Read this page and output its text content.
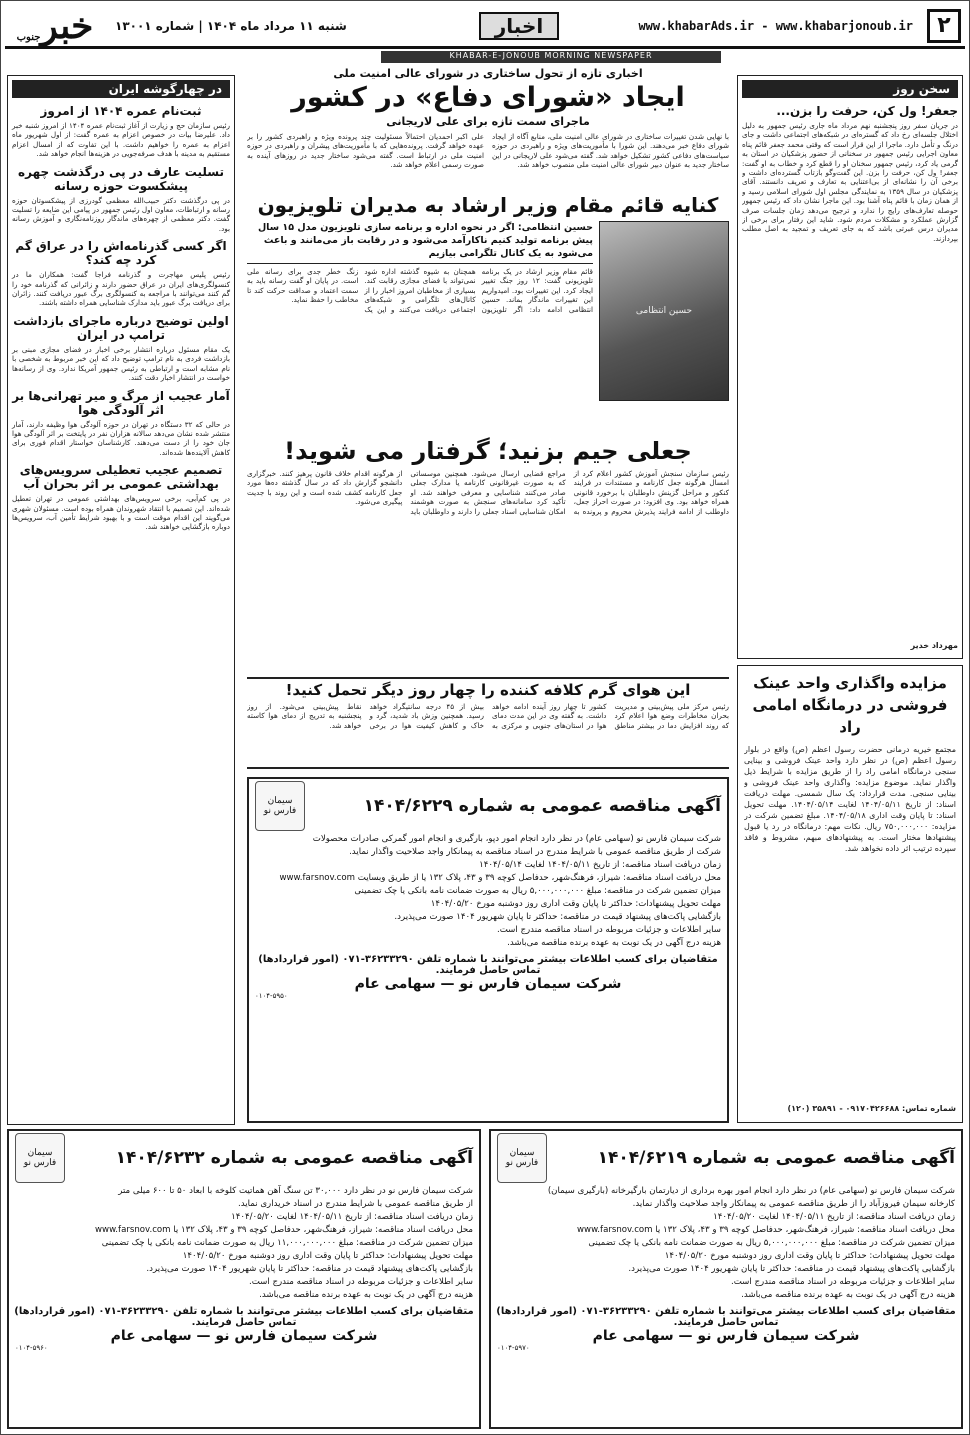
۲
www.khabarAds.ir - www.khabarjonoub.ir
اخبار
شنبه ۱۱ مرداد ماه ۱۴۰۴ | شماره ۱۳۰۰۱
خبر
جنوب
KHABAR-E-JONOUB MORNING NEWSPAPER
سخن روز
جعفر! ول کن، حرفت را بزن...
در جریان سفر روز پنجشنبه نهم مرداد ماه جاری رئیس جمهور به دلیل اختلال جلسه‌ای رخ داد که گستره‌ای در شبکه‌های اجتماعی داشت و جای درنگ و تأمل دارد. ماجرا از این قرار است که وقتی محمد جعفر قائم پناه معاون اجرایی رئیس جمهور در سخنانی از حضور پزشکیان در استان به گرمی یاد کرد، رئیس جمهور سخنان او را قطع کرد و خطاب به او گفت: جعفر! ول کن، حرفت را بزن. این گفت‌وگو بازتاب گسترده‌ای داشت و برخی آن را نشانه‌ای از بی‌اعتنایی به تعارف و تعریف دانستند. آقای پزشکیان در سال ۱۳۵۹ به نمایندگی مجلس اول شورای اسلامی رسید و از همان زمان با قائم پناه آشنا بود. این ماجرا نشان داد که رئیس جمهور حوصله تعارف‌های رایج را ندارد و ترجیح می‌دهد زمان جلسات صرف گزارش عملکرد و مشکلات مردم شود. شاید این رفتار برای برخی از مدیران درس عبرتی باشد که به جای تعریف و تمجید به اصل مطلب بپردازند.
مهرداد خدیر
مزایده واگذاری واحد عینک فروشی در درمانگاه امامی راد
مجتمع خیریه درمانی حضرت رسول اعظم (ص) واقع در بلوار رسول اعظم (ص) در نظر دارد واحد عینک فروشی و بینایی سنجی درمانگاه امامی راد را از طریق مزایده با شرایط ذیل واگذار نماید. موضوع مزایده: واگذاری واحد عینک فروشی و بینایی سنجی. مدت قرارداد: یک سال شمسی. مهلت دریافت اسناد: از تاریخ ۱۴۰۴/۰۵/۱۱ لغایت ۱۴۰۴/۰۵/۱۴. مهلت تحویل اسناد: تا پایان وقت اداری ۱۴۰۴/۰۵/۱۸. مبلغ تضمین شرکت در مزایده: ۷۵۰,۰۰۰,۰۰۰ ریال. نکات مهم: درمانگاه در رد یا قبول پیشنهادها مختار است. به پیشنهادهای مبهم، مشروط و فاقد سپرده ترتیب اثر داده نخواهد شد.
شماره تماس: ۰۹۱۷۰۴۲۶۶۸۸ - ۳۵۸۹۱ (۱۲۰)
اخباری تازه از تحول ساختاری در شورای عالی امنیت ملی
ایجاد «شورای دفاع» در کشور
ماجرای سمت تازه برای علی لاریجانی
با نهایی شدن تغییرات ساختاری در شورای عالی امنیت ملی، منابع آگاه از ایجاد شورای دفاع خبر می‌دهند. این شورا با مأموریت‌های ویژه و راهبردی در حوزه سیاست‌های دفاعی کشور تشکیل خواهد شد. گفته می‌شود علی لاریجانی در این ساختار جدید به عنوان دبیر شورای عالی امنیت ملی منصوب خواهد شد.
علی اکبر احمدیان احتمالاً مسئولیت چند پرونده ویژه و راهبردی کشور را بر عهده خواهد گرفت. پرونده‌هایی که با مأموریت‌های پیشران و راهبردی در حوزه امنیت ملی در ارتباط است. گفته می‌شود ساختار جدید در روزهای آینده به صورت رسمی اعلام خواهد شد.
کنایه قائم مقام وزیر ارشاد به مدیران تلویزیون
حسین انتظامی
حسین انتظامی: اگر در نحوه اداره و برنامه سازی تلویزیون مدل ۱۵ سال پیش برنامه تولید کنیم ناکارآمد می‌شود و در رقابت باز می‌مانند و باعث می‌شود به یک کانال تلگرامی بیازیم
قائم مقام وزیر ارشاد در یک برنامه تلویزیونی گفت: ۱۲ روز جنگ تغییر ایجاد کرد. این تغییرات بود. امیدواریم این تغییرات ماندگار بماند. حسین انتظامی ادامه داد: اگر تلویزیون همچنان به شیوه گذشته اداره شود نمی‌تواند با فضای مجازی رقابت کند. بسیاری از مخاطبان امروز اخبار را از کانال‌های تلگرامی و شبکه‌های اجتماعی دریافت می‌کنند و این یک زنگ خطر جدی برای رسانه ملی است. در پایان او گفت رسانه باید به سمت اعتماد و صداقت حرکت کند تا مخاطب را حفظ نماید.
جعلی جیم بزنید؛ گرفتار می شوید!
رئیس سازمان سنجش آموزش کشور اعلام کرد از امسال هرگونه جعل کارنامه و مستندات در فرایند کنکور و مراحل گزینش داوطلبان با برخورد قانونی همراه خواهد بود. وی افزود: در صورت احراز جعل، داوطلب از ادامه فرایند پذیرش محروم و پرونده به مراجع قضایی ارسال می‌شود. همچنین موسساتی که به صورت غیرقانونی کارنامه یا مدارک جعلی صادر می‌کنند شناسایی و معرفی خواهند شد. او تأکید کرد سامانه‌های سنجش به صورت هوشمند امکان شناسایی اسناد جعلی را دارند و داوطلبان باید از هرگونه اقدام خلاف قانون پرهیز کنند. خبرگزاری دانشجو گزارش داد که در سال گذشته ده‌ها مورد جعل کارنامه کشف شده است و این روند با جدیت پیگیری می‌شود.
این هوای گرم کلافه کننده را چهار روز دیگر تحمل کنید!
رئیس مرکز ملی پیش‌بینی و مدیریت بحران مخاطرات وضع هوا اعلام کرد که روند افزایش دما در بیشتر مناطق کشور تا چهار روز آینده ادامه خواهد داشت. به گفته وی در این مدت دمای هوا در استان‌های جنوبی و مرکزی به بیش از ۴۵ درجه سانتیگراد خواهد رسید. همچنین وزش باد شدید، گرد و خاک و کاهش کیفیت هوا در برخی نقاط پیش‌بینی می‌شود. از روز پنجشنبه به تدریج از دمای هوا کاسته خواهد شد.
آگهی مناقصه عمومی به شماره ۱۴۰۴/۶۲۲۹
سیمان فارس نو
شرکت سیمان فارس نو (سهامی عام) در نظر دارد انجام امور دپو، بارگیری و انجام امور گمرکی صادرات محصولات
شرکت از طریق مناقصه عمومی با شرایط مندرج در اسناد مناقصه به پیمانکار واجد صلاحیت واگذار نماید.
زمان دریافت اسناد مناقصه: از تاریخ ۱۴۰۴/۰۵/۱۱ لغایت ۱۴۰۴/۰۵/۱۴
محل دریافت اسناد مناقصه: شیراز، فرهنگ‌شهر، حدفاصل کوچه ۳۹ و ۴۳، پلاک ۱۳۲ یا از طریق وبسایت www.farsnov.com
میزان تضمین شرکت در مناقصه: مبلغ ۵,۰۰۰,۰۰۰,۰۰۰ ریال به صورت ضمانت نامه بانکی یا چک تضمینی
مهلت تحویل پیشنهادات: حداکثر تا پایان وقت اداری روز دوشنبه مورخ ۱۴۰۴/۰۵/۲۰
بازگشایی پاکت‌های پیشنهاد قیمت در مناقصه: حداکثر تا پایان شهریور ۱۴۰۴ صورت می‌پذیرد.
سایر اطلاعات و جزئیات مربوطه در اسناد مناقصه مندرج است.
هزینه درج آگهی در یک نوبت به عهده برنده مناقصه می‌باشد.
متقاضیان برای کسب اطلاعات بیشتر می‌توانند با شماره تلفن ۳۶۲۳۳۲۹۰-۰۷۱ (امور قراردادها) تماس حاصل فرمایند.
شرکت سیمان فارس نو — سهامی عام
۰۱۰۴-۵۹۵۰
در چهارگوشه ایران
ثبت‌نام عمره ۱۴۰۴ از امروز
رئیس سازمان حج و زیارت از آغاز ثبت‌نام عمره ۱۴۰۴ از امروز شنبه خبر داد. علیرضا بیات در خصوص اعزام به عمره گفت: از اول شهریور ماه اعزام به عمره را خواهیم داشت. با این تفاوت که از امسال اعزام مستقیم به مدینه با هدف صرفه‌جویی در هزینه‌ها انجام خواهد شد.
تسلیت عارف در پی درگذشت چهره پیشکسوت حوزه رسانه
در پی درگذشت دکتر حبیب‌الله معظمی گودرزی از پیشکسوتان حوزه رسانه و ارتباطات، معاون اول رئیس جمهور در پیامی این ضایعه را تسلیت گفت. دکتر معظمی از چهره‌های ماندگار روزنامه‌نگاری و آموزش رسانه بود.
اگر کسی گذرنامه‌اش را در عراق گم کرد چه کند؟
رئیس پلیس مهاجرت و گذرنامه فراجا گفت: همکاران ما در کنسولگری‌های ایران در عراق حضور دارند و زائرانی که گذرنامه خود را گم کنند می‌توانند با مراجعه به کنسولگری برگ عبور دریافت کنند. زائران برای دریافت برگ عبور باید مدارک شناسایی همراه داشته باشند.
اولین توضیح درباره ماجرای بازداشت ترامپ در ایران
یک مقام مسئول درباره انتشار برخی اخبار در فضای مجازی مبنی بر بازداشت فردی به نام ترامپ توضیح داد که این خبر مربوط به شخصی با نام مشابه است و ارتباطی به رئیس جمهور آمریکا ندارد. وی از رسانه‌ها خواست در انتشار اخبار دقت کنند.
آمار عجیب از مرگ و میر تهرانی‌ها بر اثر آلودگی هوا
در حالی که ۳۲ دستگاه در تهران در حوزه آلودگی هوا وظیفه دارند، آمار منتشر شده نشان می‌دهد سالانه هزاران نفر در پایتخت بر اثر آلودگی هوا جان خود را از دست می‌دهند. کارشناسان خواستار اقدام فوری برای کاهش آلاینده‌ها شده‌اند.
تصمیم عجیب تعطیلی سرویس‌های بهداشتی عمومی بر اثر بحران آب
در پی کم‌آبی، برخی سرویس‌های بهداشتی عمومی در تهران تعطیل شده‌اند. این تصمیم با انتقاد شهروندان همراه بوده است. مسئولان شهری می‌گویند این اقدام موقت است و با بهبود شرایط تأمین آب، سرویس‌ها دوباره بازگشایی خواهند شد.
آگهی مناقصه عمومی به شماره ۱۴۰۴/۶۲۱۹
سیمان فارس نو
شرکت سیمان فارس نو (سهامی عام) در نظر دارد انجام امور بهره برداری از دیارتمان بارگیرخانه (بارگیری سیمان)
کارخانه سیمان فیروزآباد را از طریق مناقصه عمومی به پیمانکار واجد صلاحیت واگذار نماید.
زمان دریافت اسناد مناقصه: از تاریخ ۱۴۰۴/۰۵/۱۱ لغایت ۱۴۰۴/۰۵/۲۰
محل دریافت اسناد مناقصه: شیراز، فرهنگ‌شهر، حدفاصل کوچه ۳۹ و ۴۳، پلاک ۱۳۲ یا www.farsnov.com
میزان تضمین شرکت در مناقصه: مبلغ ۵,۰۰۰,۰۰۰,۰۰۰ ریال به صورت ضمانت نامه بانکی یا چک تضمینی
مهلت تحویل پیشنهادات: حداکثر تا پایان وقت اداری روز دوشنبه مورخ ۱۴۰۴/۰۵/۲۰
بازگشایی پاکت‌های پیشنهاد قیمت در مناقصه: حداکثر تا پایان شهریور ۱۴۰۴ صورت می‌پذیرد.
سایر اطلاعات و جزئیات مربوطه در اسناد مناقصه مندرج است.
هزینه درج آگهی در یک نوبت به عهده برنده مناقصه می‌باشد.
متقاضیان برای کسب اطلاعات بیشتر می‌توانند با شماره تلفن ۳۶۲۳۳۲۹۰-۰۷۱ (امور قراردادها) تماس حاصل فرمایند.
شرکت سیمان فارس نو — سهامی عام
۰۱۰۴-۵۹۷۰
آگهی مناقصه عمومی به شماره ۱۴۰۴/۶۲۳۲
سیمان فارس نو
شرکت سیمان فارس نو در نظر دارد ۳۰,۰۰۰ تن سنگ آهن هماتیت کلوخه با ابعاد ۵۰ تا ۶۰۰ میلی متر
از طریق مناقصه عمومی با شرایط مندرج در اسناد خریداری نماید.
زمان دریافت اسناد مناقصه: از تاریخ ۱۴۰۴/۰۵/۱۱ لغایت ۱۴۰۴/۰۵/۲۰
محل دریافت اسناد مناقصه: شیراز، فرهنگ‌شهر، حدفاصل کوچه ۳۹ و ۴۳، پلاک ۱۳۲ یا www.farsnov.com
میزان تضمین شرکت در مناقصه: مبلغ ۱۱,۰۰۰,۰۰۰,۰۰۰ ریال به صورت ضمانت نامه بانکی یا چک تضمینی
مهلت تحویل پیشنهادات: حداکثر تا پایان وقت اداری روز دوشنبه مورخ ۱۴۰۴/۰۵/۲۰
بازگشایی پاکت‌های پیشنهاد قیمت در مناقصه: حداکثر تا پایان شهریور ۱۴۰۴ صورت می‌پذیرد.
سایر اطلاعات و جزئیات مربوطه در اسناد مناقصه مندرج است.
هزینه درج آگهی در یک نوبت به عهده برنده مناقصه می‌باشد.
متقاضیان برای کسب اطلاعات بیشتر می‌توانند با شماره تلفن ۳۶۲۳۳۲۹۰-۰۷۱ (امور قراردادها) تماس حاصل فرمایند.
شرکت سیمان فارس نو — سهامی عام
۰۱۰۴-۵۹۶۰
